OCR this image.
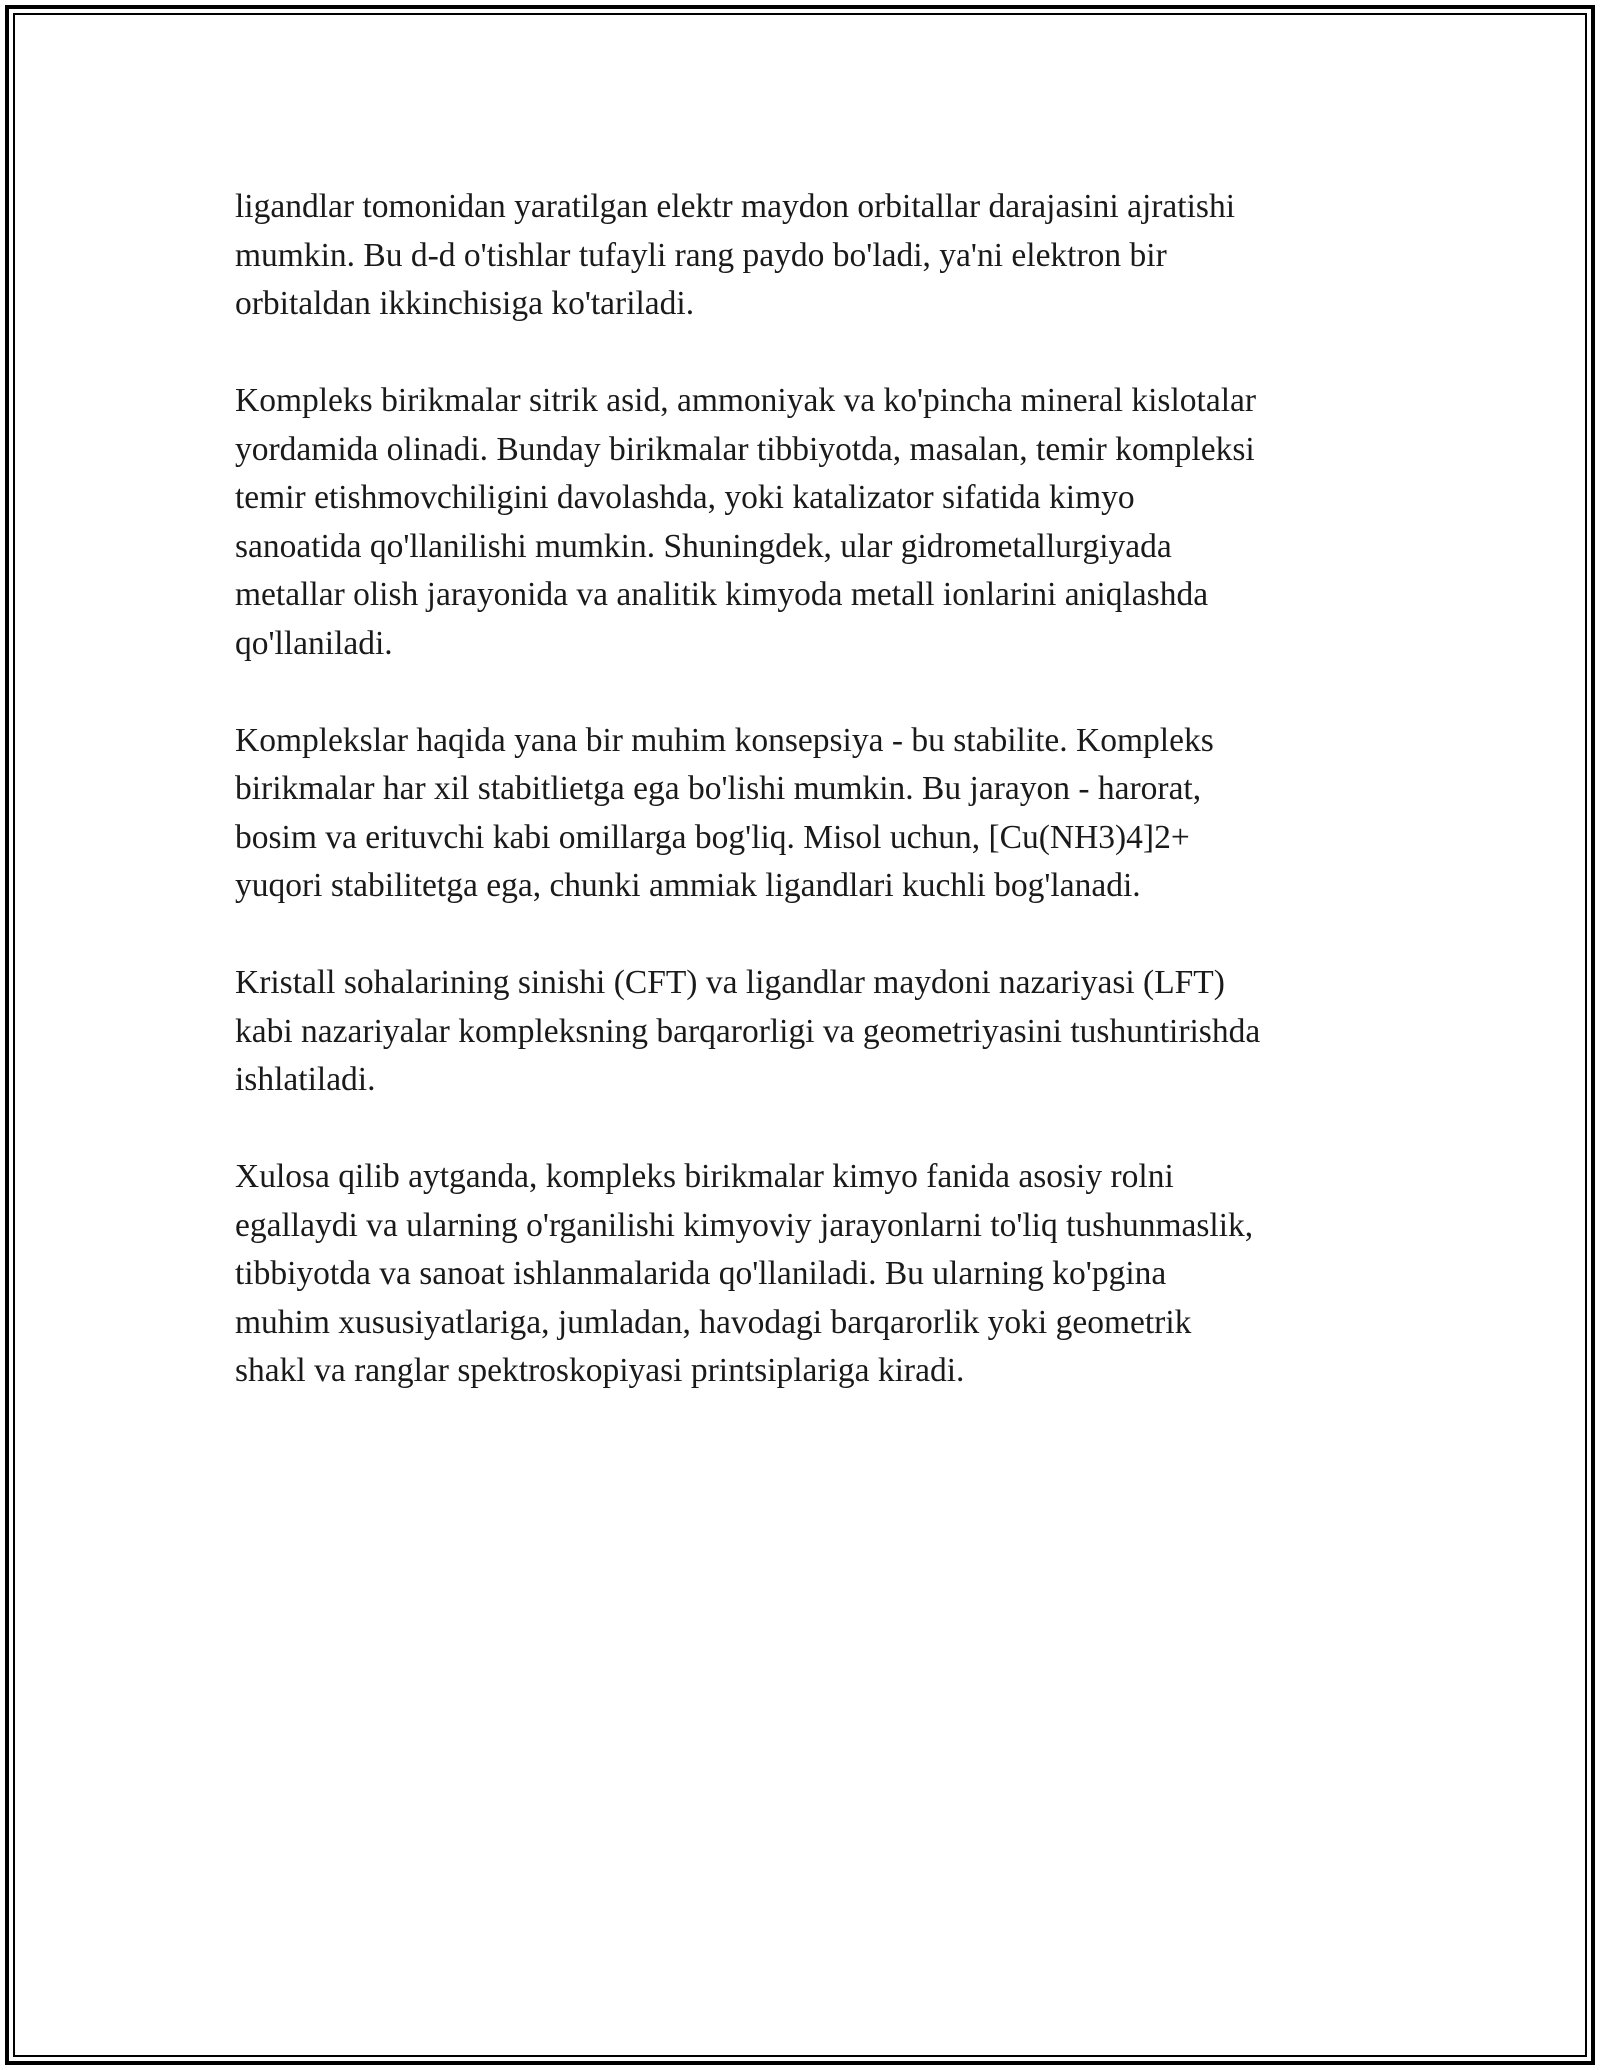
ligandlar tomonidan yaratilgan elektr maydon orbitallar darajasini ajratishi
mumkin. Bu d-d o'tishlar tufayli rang paydo bo'ladi, ya'ni elektron bir
orbitaldan ikkinchisiga ko'tariladi.

Kompleks birikmalar sitrik asid, ammoniyak va ko'pincha mineral kislotalar
yordamida olinadi. Bunday birikmalar tibbiyotda, masalan, temir kompleksi
temir etishmovchiligini davolashda, yoki katalizator sifatida kimyo
sanoatida qo'llanilishi mumkin. Shuningdek, ular gidrometallurgiyada
metallar olish jarayonida va analitik kimyoda metall ionlarini aniqlashda
qo'llaniladi.

Komplekslar haqida yana bir muhim konsepsiya - bu stabilite. Kompleks
birikmalar har xil stabitlietga ega bo'lishi mumkin. Bu jarayon - harorat,
bosim va erituvchi kabi omillarga bog'liq. Misol uchun, [Cu(NH3)4]2+
yuqori stabilitetga ega, chunki ammiak ligandlari kuchli bog'lanadi.

Kristall sohalarining sinishi (CFT) va ligandlar maydoni nazariyasi (LFT)
kabi nazariyalar kompleksning barqarorligi va geometriyasini tushuntirishda
ishlatiladi.

Xulosa qilib aytganda, kompleks birikmalar kimyo fanida asosiy rolni
egallaydi va ularning o'rganilishi kimyoviy jarayonlarni to'liq tushunmaslik,
tibbiyotda va sanoat ishlanmalarida qo'llaniladi. Bu ularning ko'pgina
muhim xususiyatlariga, jumladan, havodagi barqarorlik yoki geometrik
shakl va ranglar spektroskopiyasi printsiplariga kiradi.
